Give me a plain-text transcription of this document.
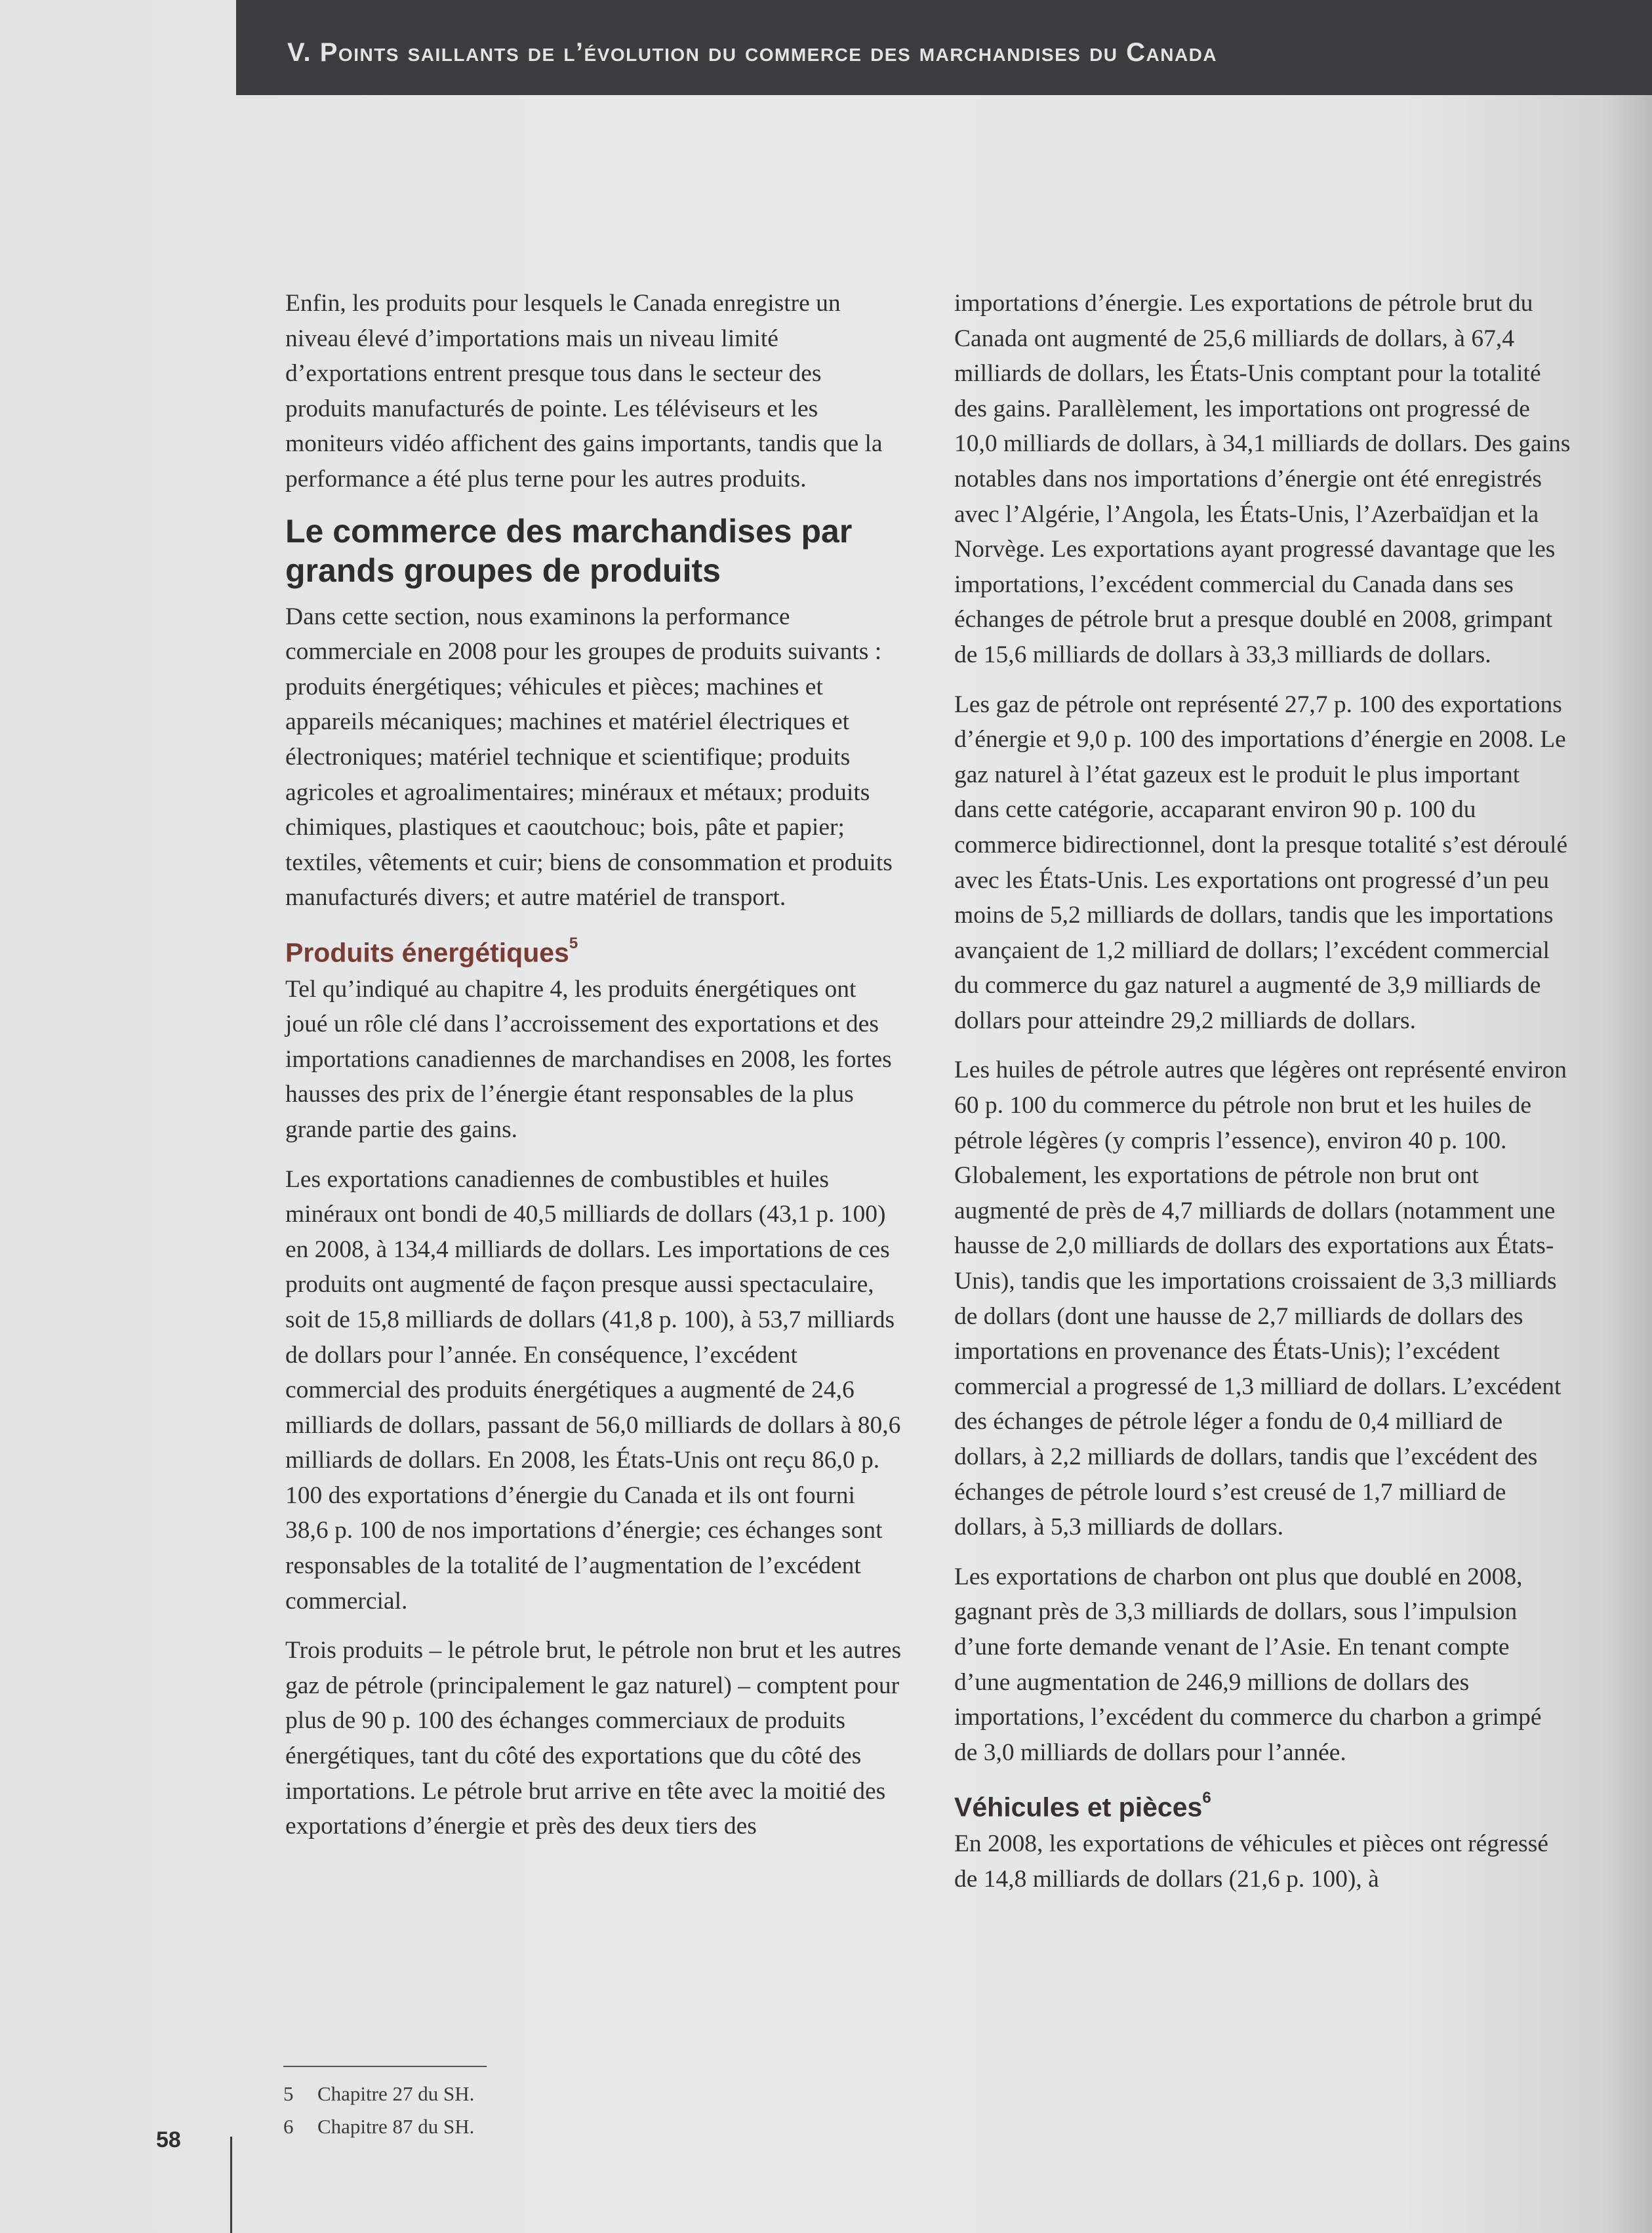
V. Points saillants de l’évolution du commerce des marchandises du Canada

Enfin, les produits pour lesquels le Canada enregistre un niveau élevé d’importations mais un niveau limité d’exportations entrent presque tous dans le secteur des produits manufacturés de pointe. Les téléviseurs et les moniteurs vidéo affichent des gains importants, tandis que la performance a été plus terne pour les autres produits.

Le commerce des marchandises par grands groupes de produits

Dans cette section, nous examinons la performance commerciale en 2008 pour les groupes de produits suivants : produits énergétiques; véhicules et pièces; machines et appareils mécaniques; machines et matériel électriques et électroniques; matériel technique et scientifique; produits agricoles et agroalimentaires; minéraux et métaux; produits chimiques, plastiques et caoutchouc; bois, pâte et papier; textiles, vêtements et cuir; biens de consommation et produits manufacturés divers; et autre matériel de transport.

Produits énergétiques$^5$

Tel qu’indiqué au chapitre 4, les produits énergétiques ont joué un rôle clé dans l’accroissement des exportations et des importations canadiennes de marchandises en 2008, les fortes hausses des prix de l’énergie étant responsables de la plus grande partie des gains.

Les exportations canadiennes de combustibles et huiles minéraux ont bondi de 40,5 milliards de dollars (43,1 p. 100) en 2008, à 134,4 milliards de dollars. Les importations de ces produits ont augmenté de façon presque aussi spectaculaire, soit de 15,8 milliards de dollars (41,8 p. 100), à 53,7 milliards de dollars pour l’année. En conséquence, l’excédent commercial des produits énergétiques a augmenté de 24,6 milliards de dollars, passant de 56,0 milliards de dollars à 80,6 milliards de dollars. En 2008, les États-Unis ont reçu 86,0 p. 100 des exportations d’énergie du Canada et ils ont fourni 38,6 p. 100 de nos importations d’énergie; ces échanges sont responsables de la totalité de l’augmentation de l’excédent commercial.

Trois produits – le pétrole brut, le pétrole non brut et les autres gaz de pétrole (principalement le gaz naturel) – comptent pour plus de 90 p. 100 des échanges commerciaux de produits énergétiques, tant du côté des exportations que du côté des importations. Le pétrole brut arrive en tête avec la moitié des exportations d’énergie et près des deux tiers des

importations d’énergie. Les exportations de pétrole brut du Canada ont augmenté de 25,6 milliards de dollars, à 67,4 milliards de dollars, les États-Unis comptant pour la totalité des gains. Parallèlement, les importations ont progressé de 10,0 milliards de dollars, à 34,1 milliards de dollars. Des gains notables dans nos importations d’énergie ont été enregistrés avec l’Algérie, l’Angola, les États-Unis, l’Azerbaïdjan et la Norvège. Les exportations ayant progressé davantage que les importations, l’excédent commercial du Canada dans ses échanges de pétrole brut a presque doublé en 2008, grimpant de 15,6 milliards de dollars à 33,3 milliards de dollars.

Les gaz de pétrole ont représenté 27,7 p. 100 des exportations d’énergie et 9,0 p. 100 des importations d’énergie en 2008. Le gaz naturel à l’état gazeux est le produit le plus important dans cette catégorie, accaparant environ 90 p. 100 du commerce bidirectionnel, dont la presque totalité s’est déroulé avec les États-Unis. Les exportations ont progressé d’un peu moins de 5,2 milliards de dollars, tandis que les importations avançaient de 1,2 milliard de dollars; l’excédent commercial du commerce du gaz naturel a augmenté de 3,9 milliards de dollars pour atteindre 29,2 milliards de dollars.

Les huiles de pétrole autres que légères ont représenté environ 60 p. 100 du commerce du pétrole non brut et les huiles de pétrole légères (y compris l’essence), environ 40 p. 100. Globalement, les exportations de pétrole non brut ont augmenté de près de 4,7 milliards de dollars (notamment une hausse de 2,0 milliards de dollars des exportations aux États-Unis), tandis que les importations croissaient de 3,3 milliards de dollars (dont une hausse de 2,7 milliards de dollars des importations en provenance des États-Unis); l’excédent commercial a progressé de 1,3 milliard de dollars. L’excédent des échanges de pétrole léger a fondu de 0,4 milliard de dollars, à 2,2 milliards de dollars, tandis que l’excédent des échanges de pétrole lourd s’est creusé de 1,7 milliard de dollars, à 5,3 milliards de dollars.

Les exportations de charbon ont plus que doublé en 2008, gagnant près de 3,3 milliards de dollars, sous l’impulsion d’une forte demande venant de l’Asie. En tenant compte d’une augmentation de 246,9 millions de dollars des importations, l’excédent du commerce du charbon a grimpé de 3,0 milliards de dollars pour l’année.

Véhicules et pièces$^6$

En 2008, les exportations de véhicules et pièces ont régressé de 14,8 milliards de dollars (21,6 p. 100), à

5 Chapitre 27 du SH.
6 Chapitre 87 du SH.
58
